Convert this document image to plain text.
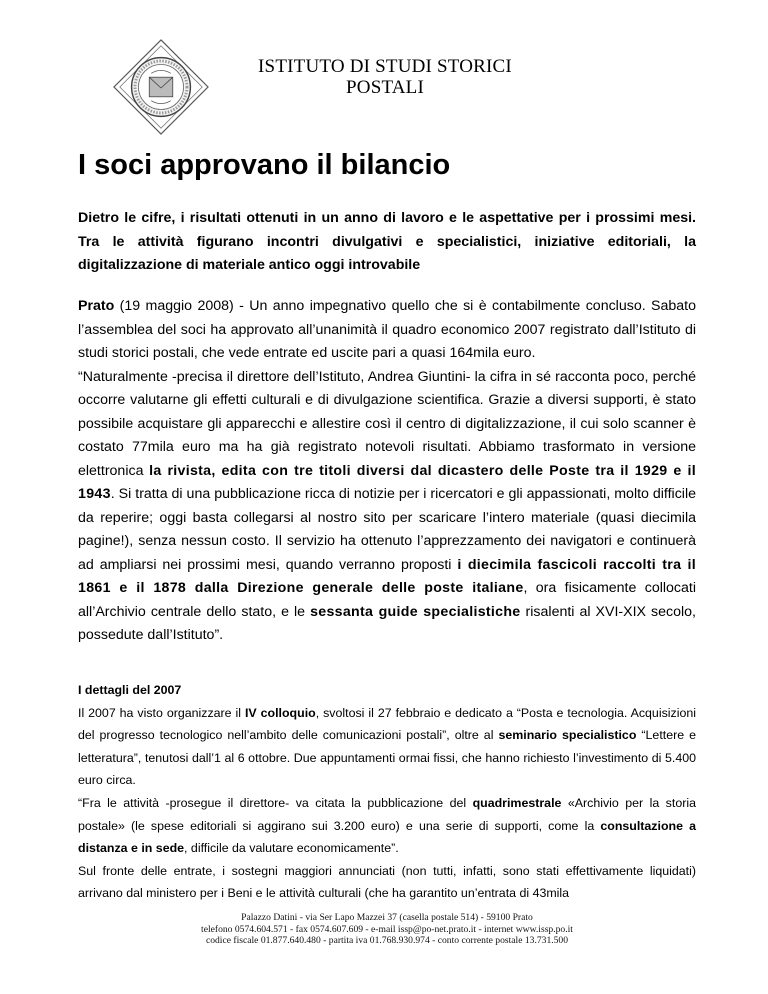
ISTITUTO DI STUDI STORICI
POSTALI
I soci approvano il bilancio
Dietro le cifre, i risultati ottenuti in un anno di lavoro e le aspettative per i prossimi mesi. Tra le attività figurano incontri divulgativi e specialistici, iniziative editoriali, la digitalizzazione di materiale antico oggi introvabile

Prato (19 maggio 2008) - Un anno impegnativo quello che si è contabilmente concluso. Sabato l’assemblea del soci ha approvato all’unanimità il quadro economico 2007 registrato dall’Istituto di studi storici postali, che vede entrate ed uscite pari a quasi 164mila euro.

“Naturalmente -precisa il direttore dell’Istituto, Andrea Giuntini- la cifra in sé racconta poco, perché occorre valutarne gli effetti culturali e di divulgazione scientifica. Grazie a diversi supporti, è stato possibile acquistare gli apparecchi e allestire così il centro di digitalizzazione, il cui solo scanner è costato 77mila euro ma ha già registrato notevoli risultati. Abbiamo trasformato in versione elettronica la rivista, edita con tre titoli diversi dal dicastero delle Poste tra il 1929 e il 1943. Si tratta di una pubblicazione ricca di notizie per i ricercatori e gli appassionati, molto difficile da reperire; oggi basta collegarsi al nostro sito per scaricare l’intero materiale (quasi diecimila pagine!), senza nessun costo. Il servizio ha ottenuto l’apprezzamento dei navigatori e continuerà ad ampliarsi nei prossimi mesi, quando verranno proposti i diecimila fascicoli raccolti tra il 1861 e il 1878 dalla Direzione generale delle poste italiane, ora fisicamente collocati all’Archivio centrale dello stato, e le sessanta guide specialistiche risalenti al XVI-XIX secolo, possedute dall’Istituto”.

I dettagli del 2007

Il 2007 ha visto organizzare il IV colloquio, svoltosi il 27 febbraio e dedicato a “Posta e tecnologia. Acquisizioni del progresso tecnologico nell’ambito delle comunicazioni postali”, oltre al seminario specialistico “Lettere e letteratura”, tenutosi dall’1 al 6 ottobre. Due appuntamenti ormai fissi, che hanno richiesto l’investimento di 5.400 euro circa.

“Fra le attività -prosegue il direttore- va citata la pubblicazione del quadrimestrale «Archivio per la storia postale» (le spese editoriali si aggirano sui 3.200 euro) e una serie di supporti, come la consultazione a distanza e in sede, difficile da valutare economicamente”.

Sul fronte delle entrate, i sostegni maggiori annunciati (non tutti, infatti, sono stati effettivamente liquidati) arrivano dal ministero per i Beni e le attività culturali (che ha garantito un’entrata di 43mila

Palazzo Datini - via Ser Lapo Mazzei 37 (casella postale 514) - 59100 Prato
telefono 0574.604.571 - fax 0574.607.609 - e-mail issp@po-net.prato.it - internet www.issp.po.it
codice fiscale 01.877.640.480 - partita iva 01.768.930.974 - conto corrente postale 13.731.500
